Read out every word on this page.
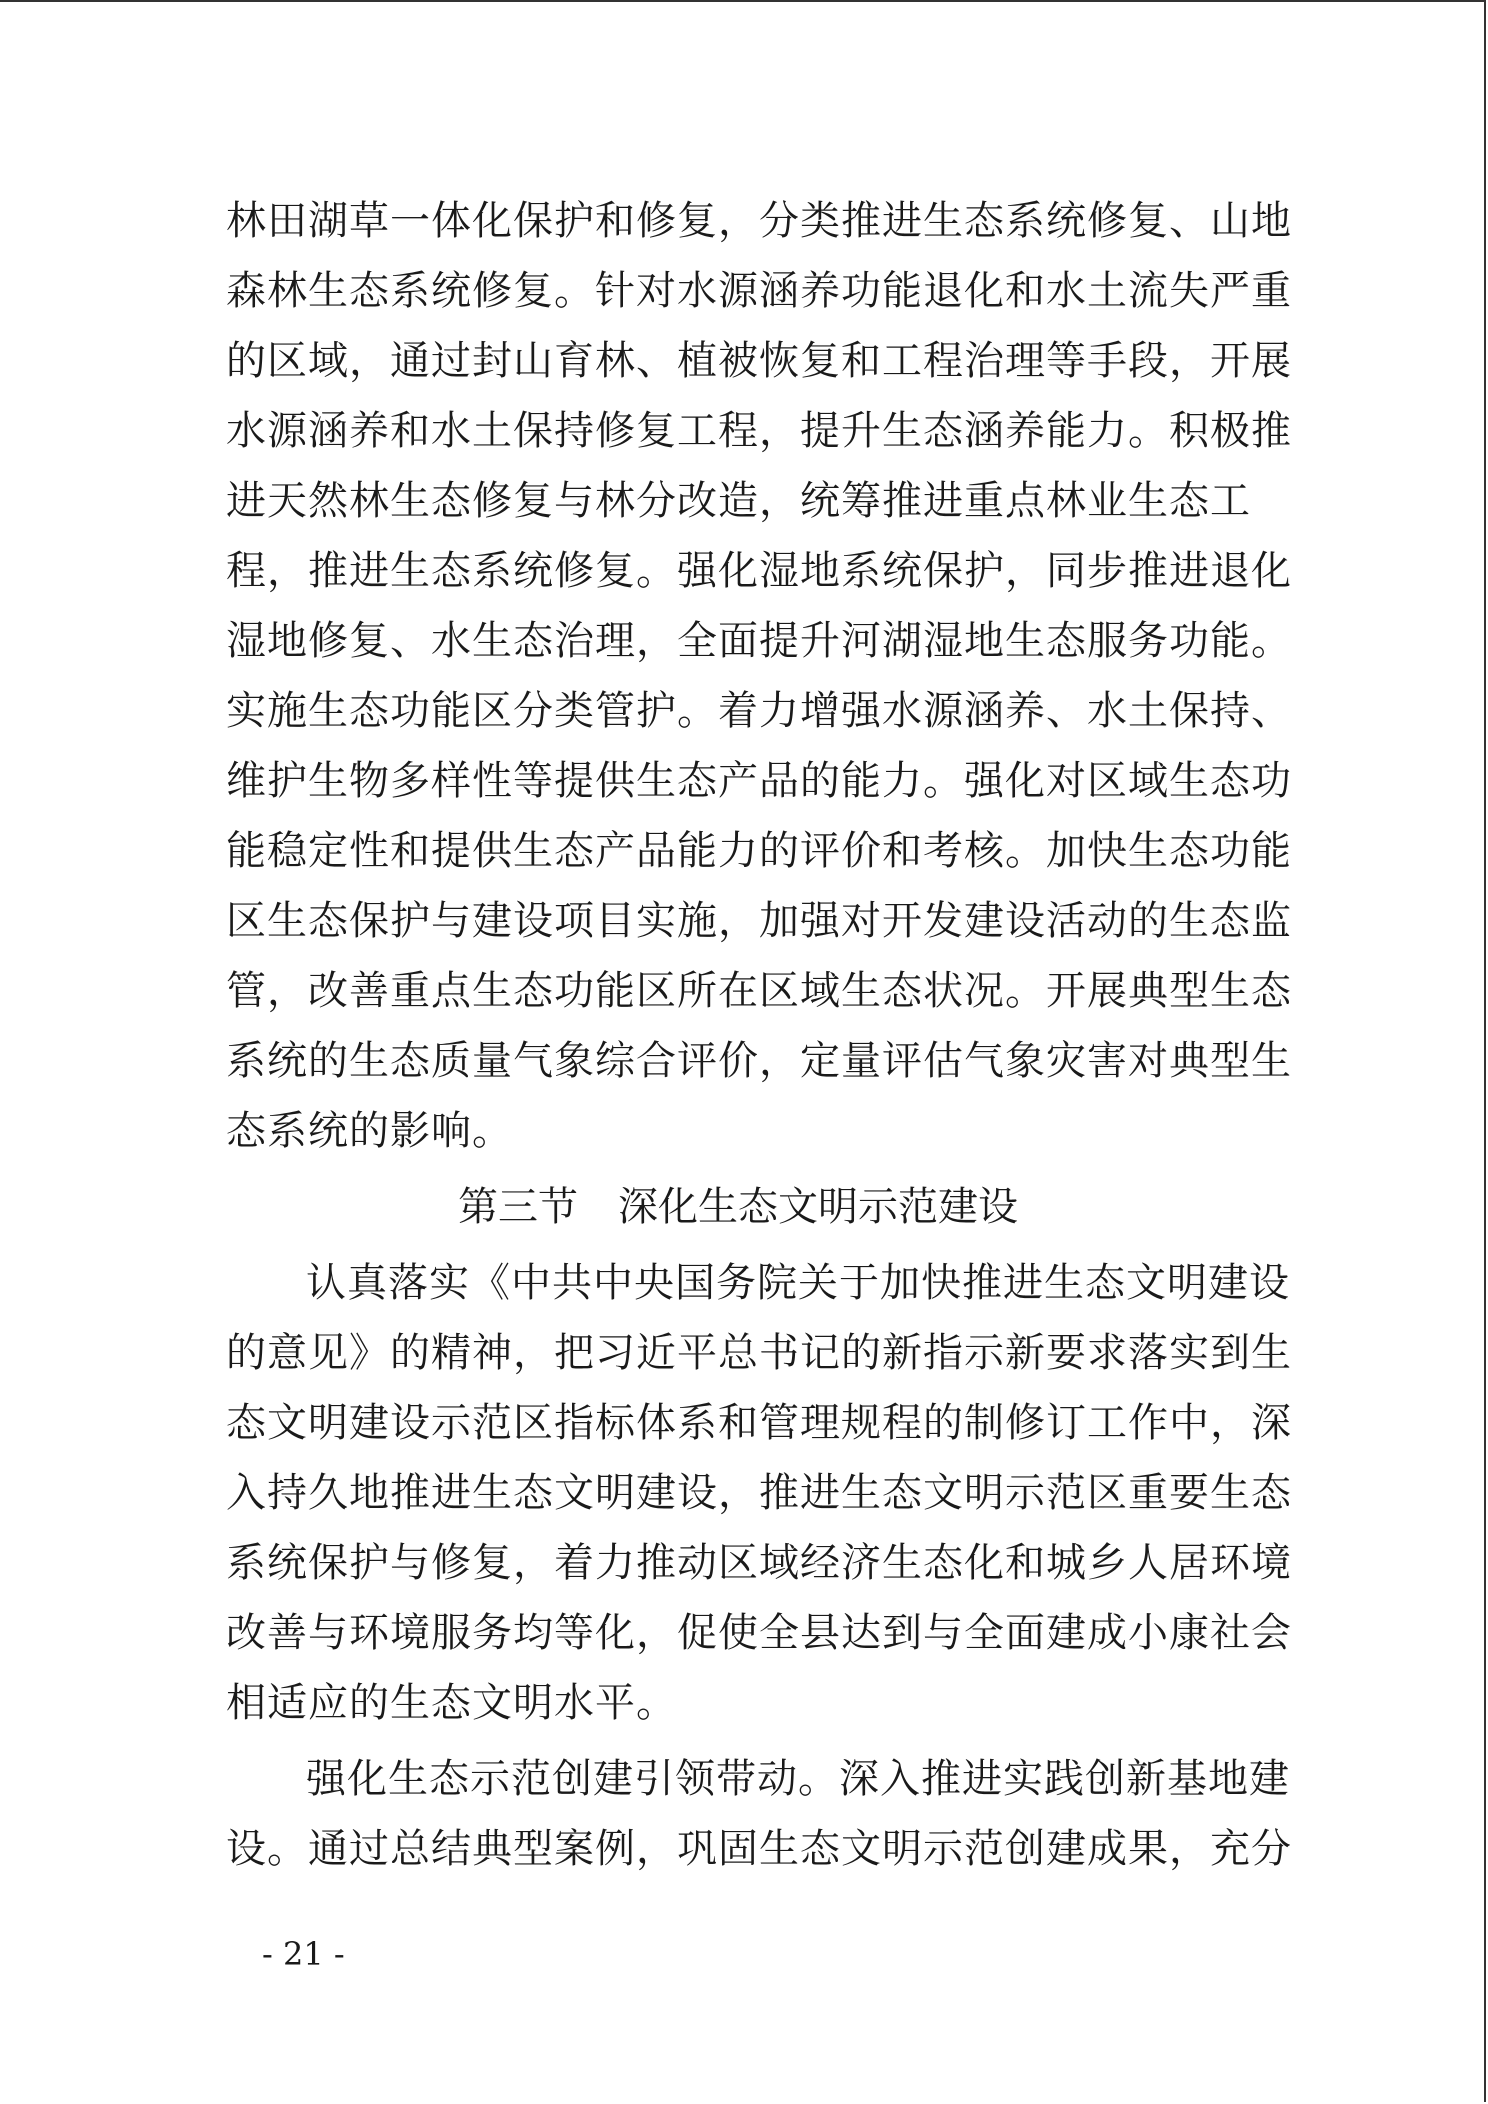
林田湖草一体化保护和修复，分类推进生态系统修复、山地
森林生态系统修复。针对水源涵养功能退化和水土流失严重
的区域，通过封山育林、植被恢复和工程治理等手段，开展
水源涵养和水土保持修复工程，提升生态涵养能力。积极推
进天然林生态修复与林分改造，统筹推进重点林业生态工
程，推进生态系统修复。强化湿地系统保护，同步推进退化
湿地修复、水生态治理，全面提升河湖湿地生态服务功能。
实施生态功能区分类管护。着力增强水源涵养、水土保持、
维护生物多样性等提供生态产品的能力。强化对区域生态功
能稳定性和提供生态产品能力的评价和考核。加快生态功能
区生态保护与建设项目实施，加强对开发建设活动的生态监
管，改善重点生态功能区所在区域生态状况。开展典型生态
系统的生态质量气象综合评价，定量评估气象灾害对典型生
态系统的影响。
第三节　深化生态文明示范建设
认真落实《中共中央国务院关于加快推进生态文明建设
的意见》的精神，把习近平总书记的新指示新要求落实到生
态文明建设示范区指标体系和管理规程的制修订工作中，深
入持久地推进生态文明建设，推进生态文明示范区重要生态
系统保护与修复，着力推动区域经济生态化和城乡人居环境
改善与环境服务均等化，促使全县达到与全面建成小康社会
相适应的生态文明水平。
强化生态示范创建引领带动。深入推进实践创新基地建
设。通过总结典型案例，巩固生态文明示范创建成果，充分
- 21 -
